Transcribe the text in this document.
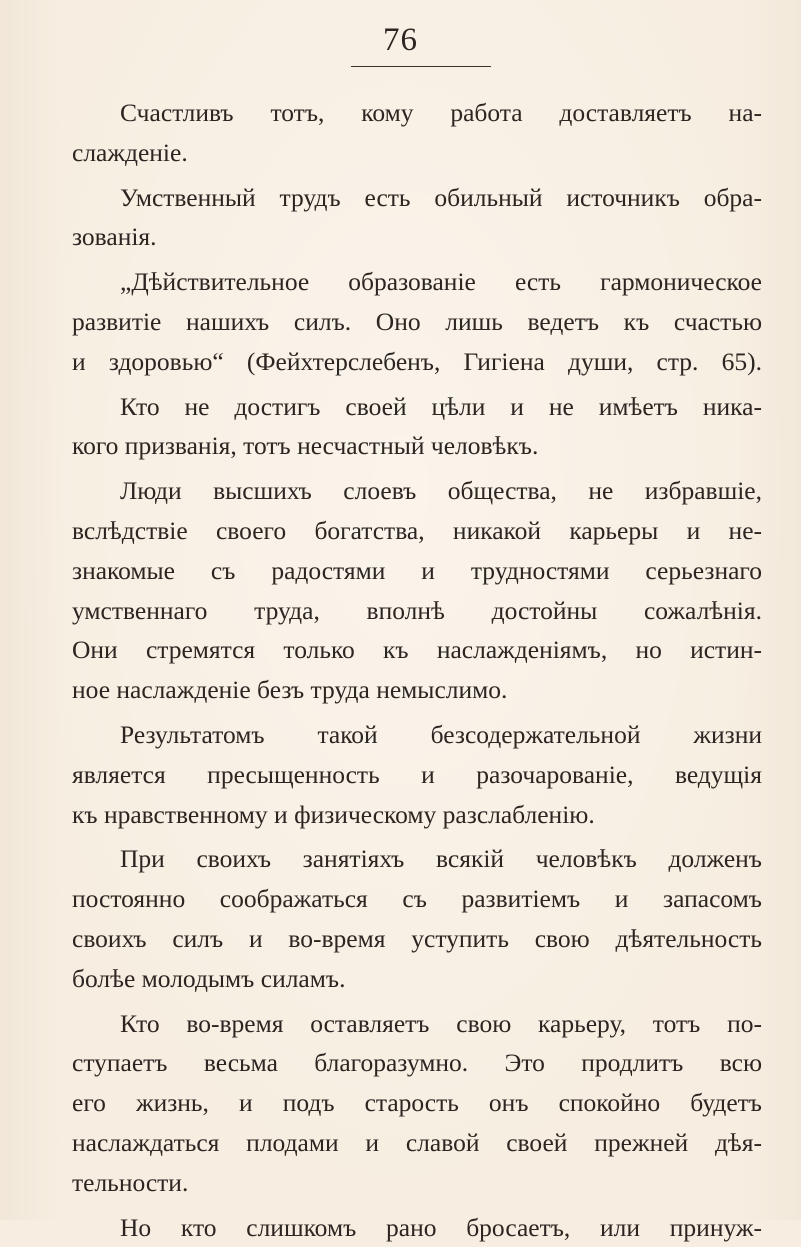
76
Счастливъ тотъ, кому работа доставляетъ на-
слажденіе.
Умственный трудъ есть обильный источникъ обра-
зованія.
„Дѣйствительное образованіе есть гармоническое
развитіе нашихъ силъ. Оно лишь ведетъ къ счастью
и здоровью“ (Фейхтерслебенъ, Гигіена души, стр. 65).
Кто не достигъ своей цѣли и не имѣетъ ника-
кого призванія, тотъ несчастный человѣкъ.
Люди высшихъ слоевъ общества, не избравшіе,
вслѣдствіе своего богатства, никакой карьеры и не-
знакомые съ радостями и трудностями серьезнаго
умственнаго труда, вполнѣ достойны сожалѣнія.
Они стремятся только къ наслажденіямъ, но истин-
ное наслажденіе безъ труда немыслимо.
Результатомъ такой безсодержательной жизни
является пресыщенность и разочарованіе, ведущія
къ нравственному и физическому разслабленію.
При своихъ занятіяхъ всякій человѣкъ долженъ
постоянно соображаться съ развитіемъ и запасомъ
своихъ силъ и во-время уступить свою дѣятельность
болѣе молодымъ силамъ.
Кто во-время оставляетъ свою карьеру, тотъ по-
ступаетъ весьма благоразумно. Это продлитъ всю
его жизнь, и подъ старость онъ спокойно будетъ
наслаждаться плодами и славой своей прежней дѣя-
тельности.
Но кто слишкомъ рано бросаетъ, или принуж-
